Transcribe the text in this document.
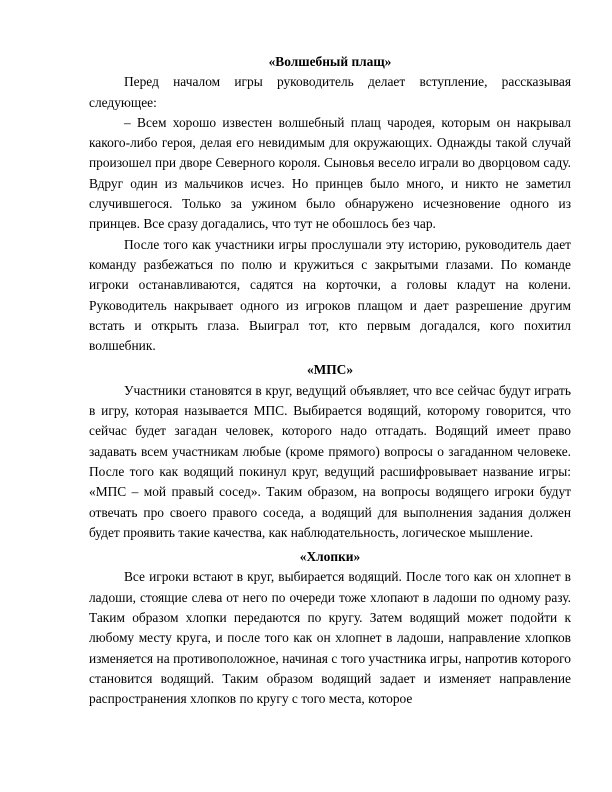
«Волшебный плащ»

Перед началом игры руководитель делает вступление, рассказывая следующее:

– Всем хорошо известен волшебный плащ чародея, которым он накрывал какого-либо героя, делая его невидимым для окружающих. Однажды такой случай произошел при дворе Северного короля. Сыновья весело играли во дворцовом саду. Вдруг один из мальчиков исчез. Но принцев было много, и никто не заметил случившегося. Только за ужином было обнаружено исчезновение одного из принцев. Все сразу догадались, что тут не обошлось без чар.

После того как участники игры прослушали эту историю, руководитель дает команду разбежаться по полю и кружиться с закрытыми глазами. По команде игроки останавливаются, садятся на корточки, а головы кладут на колени. Руководитель накрывает одного из игроков плащом и дает разрешение другим встать и открыть глаза. Выиграл тот, кто первым догадался, кого похитил волшебник.

«МПС»

Участники становятся в круг, ведущий объявляет, что все сейчас будут играть в игру, которая называется МПС. Выбирается водящий, которому говорится, что сейчас будет загадан человек, которого надо отгадать. Водящий имеет право задавать всем участникам любые (кроме прямого) вопросы о загаданном человеке. После того как водящий покинул круг, ведущий расшифровывает название игры: «МПС – мой правый сосед». Таким образом, на вопросы водящего игроки будут отвечать про своего правого соседа, а водящий для выполнения задания должен будет проявить такие качества, как наблюдательность, логическое мышление.

«Хлопки»

Все игроки встают в круг, выбирается водящий. После того как он хлопнет в ладоши, стоящие слева от него по очереди тоже хлопают в ладоши по одному разу. Таким образом хлопки передаются по кругу. Затем водящий может подойти к любому месту круга, и после того как он хлопнет в ладоши, направление хлопков изменяется на противоположное, начиная с того участника игры, напротив которого становится водящий. Таким образом водящий задает и изменяет направление распространения хлопков по кругу с того места, которое
